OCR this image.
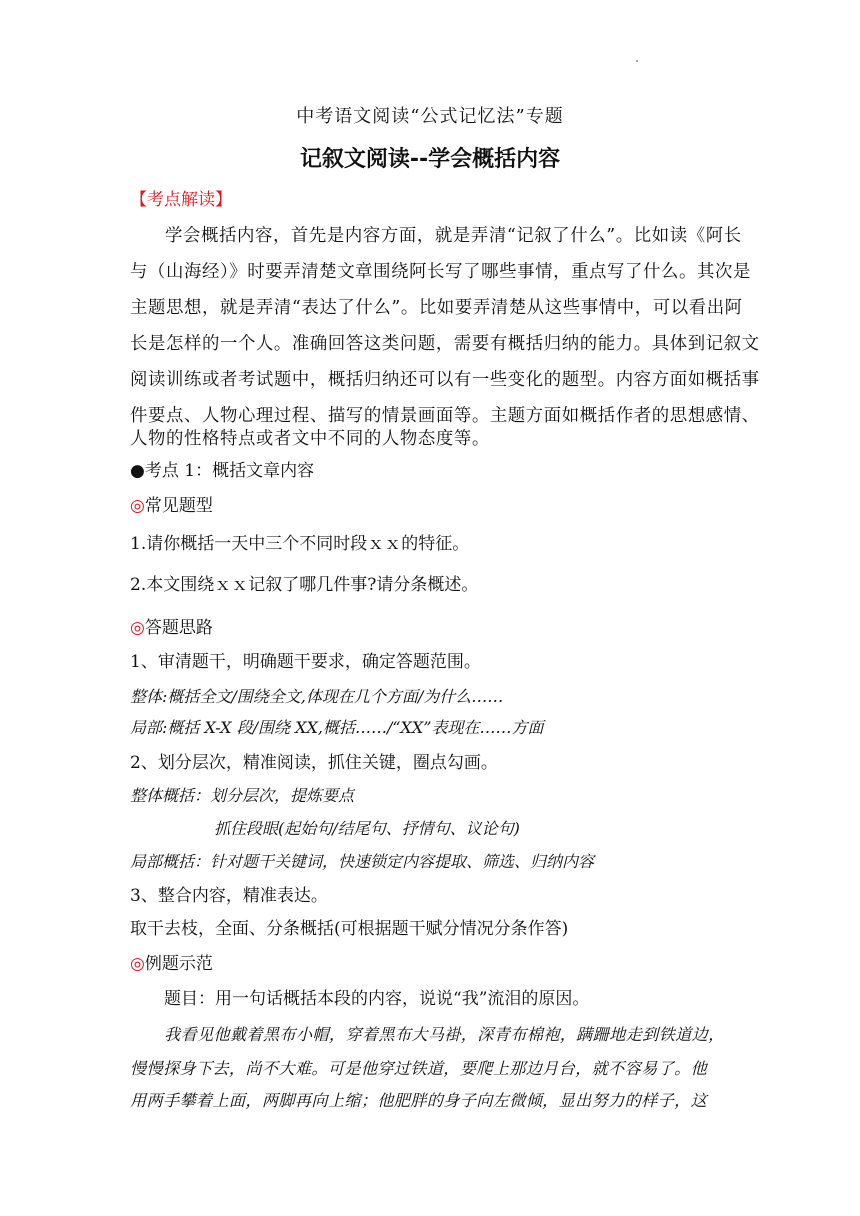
中考语文阅读“公式记忆法”专题
记叙文阅读--学会概括内容
【考点解读】
学会概括内容，首先是内容方面，就是弄清“记叙了什么”。比如读《阿长
与（山海经）》时要弄清楚文章围绕阿长写了哪些事情，重点写了什么。其次是
主题思想，就是弄清“表达了什么”。比如要弄清楚从这些事情中，可以看出阿
长是怎样的一个人。准确回答这类问题，需要有概括归纳的能力。具体到记叙文
阅读训练或者考试题中，概括归纳还可以有一些变化的题型。内容方面如概括事
件要点、人物心理过程、描写的情景画面等。主题方面如概括作者的思想感情、
人物的性格特点或者文中不同的人物态度等。
●考点 1：概括文章内容
◎常见题型
1.请你概括一天中三个不同时段ｘｘ的特征。
2.本文围绕ｘｘ记叙了哪几件事?请分条概述。
◎答题思路
1、审清题干，明确题干要求，确定答题范围。
整体:概括全文/围绕全文,体现在几个方面/为什么……
局部:概括 X-X 段/围绕 XX,概括……/“XX”表现在……方面
2、划分层次，精准阅读，抓住关键，圈点勾画。
整体概括：划分层次，提炼要点
抓住段眼(起始句/结尾句、抒情句、议论句)
局部概括：针对题干关键词，快速锁定内容提取、筛选、归纳内容
3、整合内容，精准表达。
取干去枝，全面、分条概括(可根据题干赋分情况分条作答)
◎例题示范
题目：用一句话概括本段的内容，说说“我”流泪的原因。
我看见他戴着黑布小帽，穿着黑布大马褂，深青布棉袍，蹒跚地走到铁道边，
慢慢探身下去，尚不大难。可是他穿过铁道，要爬上那边月台，就不容易了。他
用两手攀着上面，两脚再向上缩；他肥胖的身子向左微倾，显出努力的样子，这
